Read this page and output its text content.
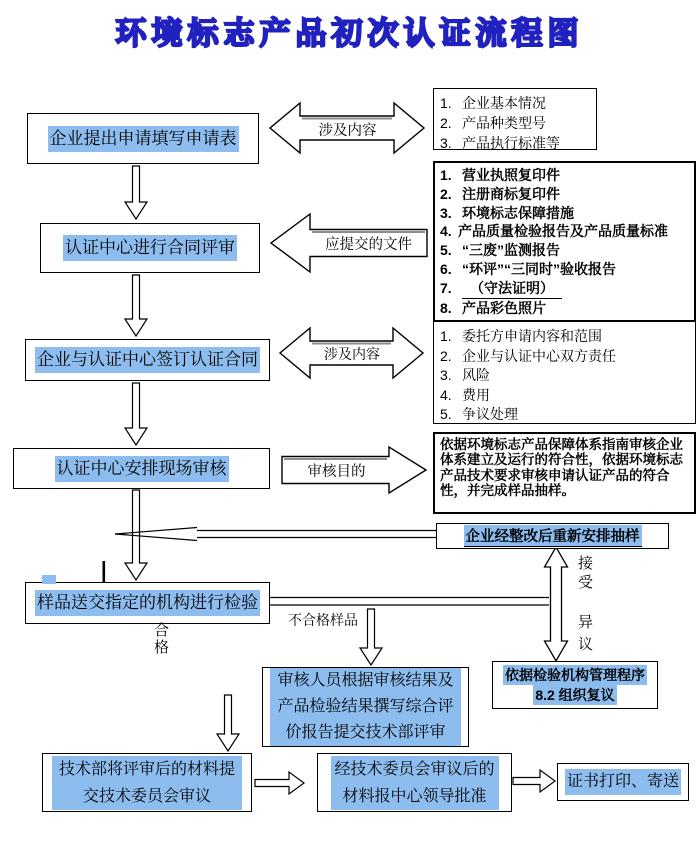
环境标志产品初次认证流程图
企业提出申请填写申请表
认证中心进行合同评审
企业与认证中心签订认证合同
认证中心安排现场审核
样品送交指定的机构进行检验
审核人员根据审核结果及产品检验结果撰写综合评价报告提交技术部评审
技术部将评审后的材料提交技术委员会审议
经技术委员会审议后的材料报中心领导批准
证书打印、寄送
1. 企业基本情况
2. 产品种类型号
3. 产品执行标准等
1. 营业执照复印件
2. 注册商标复印件
3. 环境标志保障措施
4. 产品质量检验报告及产品质量标准
5. “三废”监测报告
6. “环评”“三同时”验收报告
7.	（守法证明）
8. 产品彩色照片
1. 委托方申请内容和范围
2. 企业与认证中心双方责任
3. 风险
4. 费用
5. 争议处理
依据环境标志产品保障体系指南审核企业体系建立及运行的符合性，依据环境标志产品技术要求审核申请认证产品的符合性，并完成样品抽样。
企业经整改后重新安排抽样
依据检验机构管理程序
8.2 组织复议
涉及内容
应提交的文件
涉及内容
审核目的
不合格样品
合格
接受
异议
